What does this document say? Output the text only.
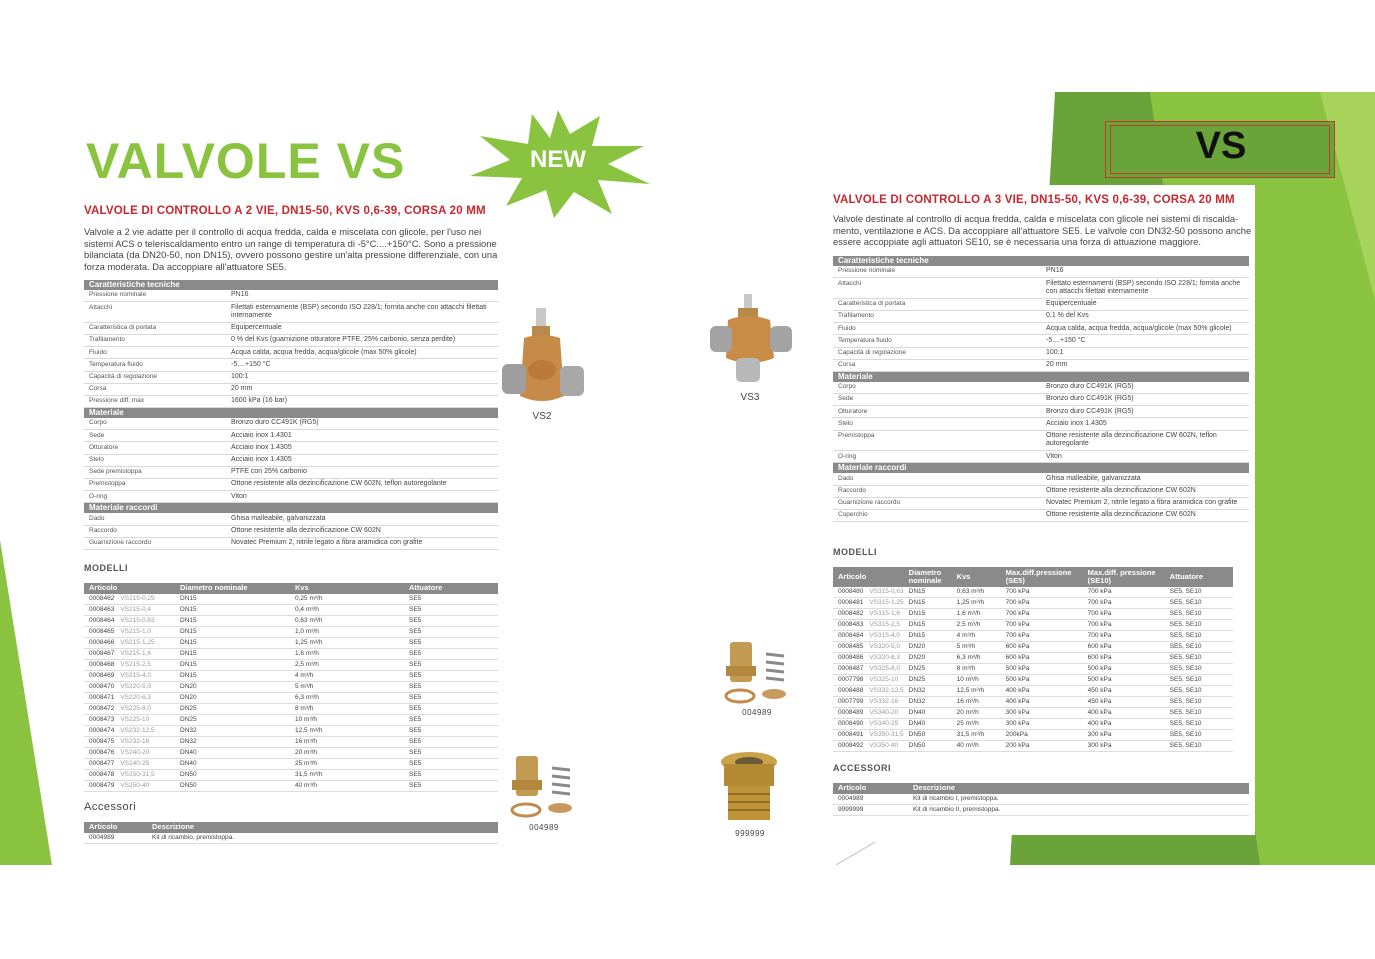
VALVOLE VS	NEW
VALVOLE DI CONTROLLO A 2 VIE, DN15-50, KVS 0,6-39, CORSA 20 MM
Valvole a 2 vie adatte per il controllo di acqua fredda, calda e miscelata con glicole, per l'uso nei
sistemi ACS o teleriscaldamento entro un range di temperatura di -5°C....+150°C. Sono a pressione
bilanciata (da DN20-50, non DN15), ovvero possono gestire un'alta pressione differenziale, con una
forza moderata. Da accoppiare all'attuatore SE5.
Caratteristiche tecniche
Pressione nominale	PN16
Attacchi	Filettati esternamente (BSP) secondo ISO 228/1; fornita anche con attacchi filettati internamente
Caratteristica di portata	Equipercentuale
Trafilamento	0 % del Kvs (guarnizione otturatore PTFE, 25% carbonio, senza perdite)
Fluido	Acqua calda, acqua fredda, acqua/glicole (max 50% glicole)
Temperatura fluido	-5....+150 °C
Capacità di regolazione	100:1
Corsa	20 mm
Pressione diff. max	1600 kPa (16 bar)
Materiale
Corpo	Bronzo duro CC491K (RG5)
Sede	Acciaio inox 1.4301
Otturatore	Acciaio inox 1.4305
Stelo	Acciaio inox 1.4305
Sede premistoppa	PTFE con 25% carbonio
Premistoppa	Ottone resistente alla dezincificazione CW 602N, teflon autoregolante
O-ring	Viton
Materiale raccordi
Dado	Ghisa malleabile, galvanizzata
Raccordo	Ottone resistente alla dezincificazione CW 602N
Guarnizione raccordo	Novatec Premium 2, nitrile legato a fibra aramidica con grafite
MODELLI
Articolo	Diametro nominale	Kvs	Attuatore
0008462 VS215-0,25	DN15	0,25 m³/h	SE5
0008463 VS215-0,4	DN15	0,4 m³/h	SE5
0008464 VS215-0,63	DN15	0,63 m³/h	SE5
0008465 VS215-1,0	DN15	1,0 m³/h	SE5
0008466 VS215-1,25	DN15	1,25 m³/h	SE5
0008467 VS215-1,6	DN15	1,6 m³/h	SE5
0008468 VS215-2,5	DN15	2,5 m³/h	SE5
0008469 VS215-4,0	DN15	4 m³/h	SE5
0008470 VS220-5,0	DN20	5 m³/h	SE5
0008471 VS220-6,3	DN20	6,3 m³/h	SE5
0008472 VS225-8,0	DN25	8 m³/h	SE5
0008473 VS225-10	DN25	10 m³/h	SE5
0008474 VS232-12,5	DN32	12,5 m³/h	SE5
0008475 VS232-16	DN32	16 m³/h	SE5
0008476 VS240-20	DN40	20 m³/h	SE5
0008477 VS240-25	DN40	25 m³/h	SE5
0008478 VS250-31,5	DN50	31,5 m³/h	SE5
0008479 VS250-40	DN50	40 m³/h	SE5
Accessori
Articolo	Descrizione
0004989	Kit di ricambio, premistoppa.
VS2
004989
VS3
004989
999999
VS
VALVOLE DI CONTROLLO A 3 VIE, DN15-50, KVS 0,6-39, CORSA 20 MM
Valvole destinate al controllo di acqua fredda, calda e miscelata con glicole nei sistemi di riscalda-
mento, ventilazione e ACS. Da accoppiare all'attuatore SE5. Le valvole con DN32-50 possono anche
essere accoppiate agli attuatori SE10, se è necessaria una forza di attuazione maggiore.
Caratteristiche tecniche
Pressione nominale	PN16
Attacchi	Filettato esternamenti (BSP) secondo ISO 228/1; fornita anche con attacchi filettati internamente
Caratteristica di portata	Equipercentuale
Trafilamento	0,1 % del Kvs
Fluido	Acqua calda, acqua fredda, acqua/glicole (max 50% glicole)
Temperatura fluido	-5....+150 °C
Capacità di regolazione	100:1
Corsa	20 mm
Materiale
Corpo	Bronzo duro CC491K (RG5)
Sede	Bronzo duro CC491K (RG5)
Otturatore	Bronzo duro CC491K (RG5)
Stelo	Acciaio inox 1.4305
Premistoppa	Ottone resistente alla dezincificazione CW 602N, teflon autoregolante
O-ring	Viton
Materiale raccordi
Dado	Ghisa malleabile, galvanizzata
Raccordo	Ottone resistente alla dezincificazione CW 602N
Guarnizione raccordo	Novatec Premium 2, nitrile legato a fibra aramidica con grafite
Coperchio	Ottone resistente alla dezincificazione CW 602N
MODELLI
Articolo	Diametro nominale	Kvs	Max.diff.pressione (SE5)	Max.diff. pressione (SE10)	Attuatore
0008480 VS315-0,63	DN15	0,63 m³/h	700 kPa	700 kPa	SE5, SE10
0008481 VS315-1,25	DN15	1,25 m³/h	700 kPa	700 kPa	SE5, SE10
0008482 VS315-1,6	DN15	1,6 m³/h	700 kPa	700 kPa	SE5, SE10
0008483 VS315-2,5	DN15	2,5 m³/h	700 kPa	700 kPa	SE5, SE10
0008484 VS315-4,0	DN15	4 m³/h	700 kPa	700 kPa	SE5, SE10
0008485 VS320-5,0	DN20	5 m³/h	600 kPa	600 kPa	SE5, SE10
0008486 VS320-6,3	DN20	6,3 m³/h	600 kPa	600 kPa	SE5, SE10
0008487 VS325-8,0	DN25	8 m³/h	500 kPa	500 kPa	SE5, SE10
0007798 VS325-10	DN25	10 m³/h	500 kPa	500 kPa	SE5, SE10
0008488 VS332-12,5	DN32	12,5 m³/h	400 kPa	450 kPa	SE5, SE10
0007799 VS332-16	DN32	16 m³/h	400 kPa	450 kPa	SE5, SE10
0008489 VS340-20	DN40	20 m³/h	300 kPa	400 kPa	SE5, SE10
0008490 VS340-25	DN40	25 m³/h	300 kPa	400 kPa	SE5, SE10
0008491 VS350-31,5	DN50	31,5 m³/h	200kPa	300 kPa	SE5, SE10
0008492 VS350-40	DN50	40 m³/h	200 kPa	300 kPa	SE5, SE10
ACCESSORI
Articolo	Descrizione
0004989	Kit di ricambio I, premistoppa.
9999999	Kit di ricambio II, premistoppa.
